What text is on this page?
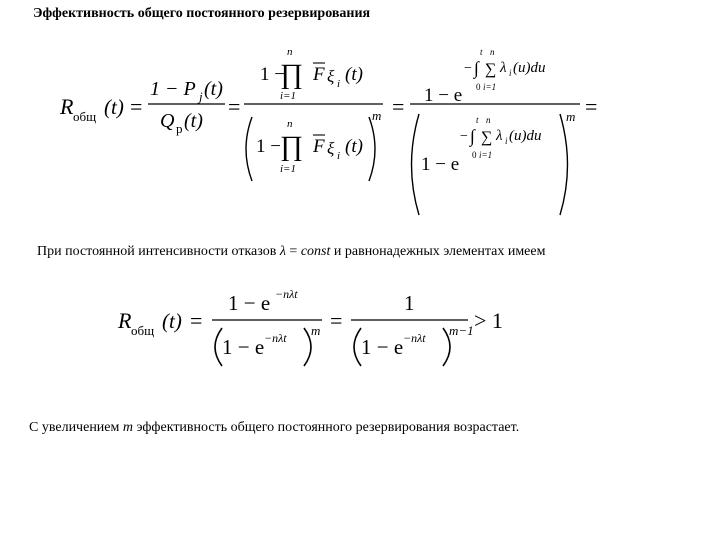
Эффективность общего постоянного резервирования
R общ (t) =
1 − P j (t)
Q p (t)
=
1 −
n
∏
i=1
F ξ i (t)
1 −
n
∏
i=1
F ξ i (t)
m = 1 − e
−
t
∫
0
n
∑
i=1
λ i (u)du
1 − e
−
t
∫
0
n
∑
i=1
λ i (u)du
m =
При постоянной интенсивности отказов λ = const и равнонадежных элементах имеем
R общ (t) =
1 − e −nλt
1 − e −nλt m =
1
1 − e −nλt m−1 > 1
С увеличением m эффективность общего постоянного резервирования возрастает.
